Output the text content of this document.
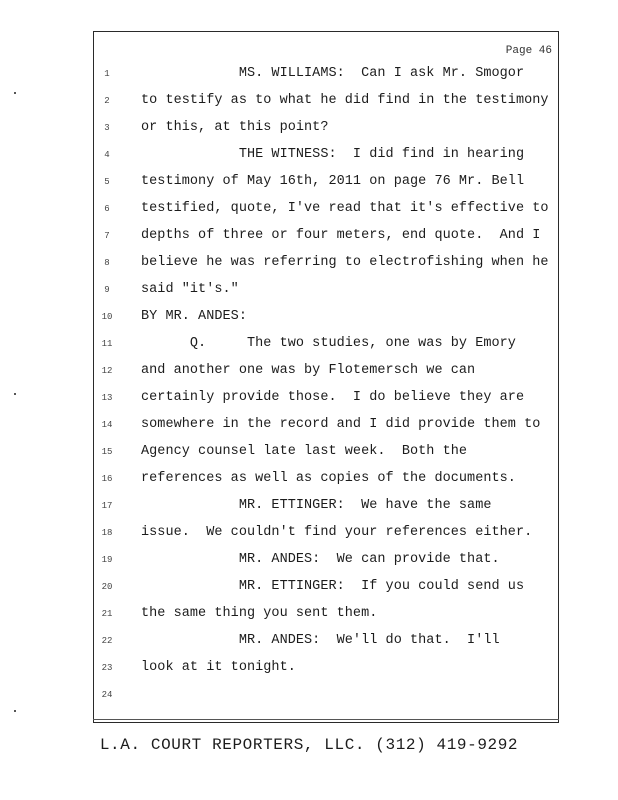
Page 46
1	MS. WILLIAMS:  Can I ask Mr. Smogor
2	to testify as to what he did find in the testimony
3	or this, at this point?
4	THE WITNESS:  I did find in hearing
5	testimony of May 16th, 2011 on page 76 Mr. Bell
6	testified, quote, I've read that it's effective to
7	depths of three or four meters, end quote.  And I
8	believe he was referring to electrofishing when he
9	said "it's."
10	BY MR. ANDES:
11	Q.     The two studies, one was by Emory
12	and another one was by Flotemersch we can
13	certainly provide those.  I do believe they are
14	somewhere in the record and I did provide them to
15	Agency counsel late last week.  Both the
16	references as well as copies of the documents.
17	MR. ETTINGER:  We have the same
18	issue.  We couldn't find your references either.
19	MR. ANDES:  We can provide that.
20	MR. ETTINGER:  If you could send us
21	the same thing you sent them.
22	MR. ANDES:  We'll do that.  I'll
23	look at it tonight.
24
L.A. COURT REPORTERS, LLC. (312) 419-9292
